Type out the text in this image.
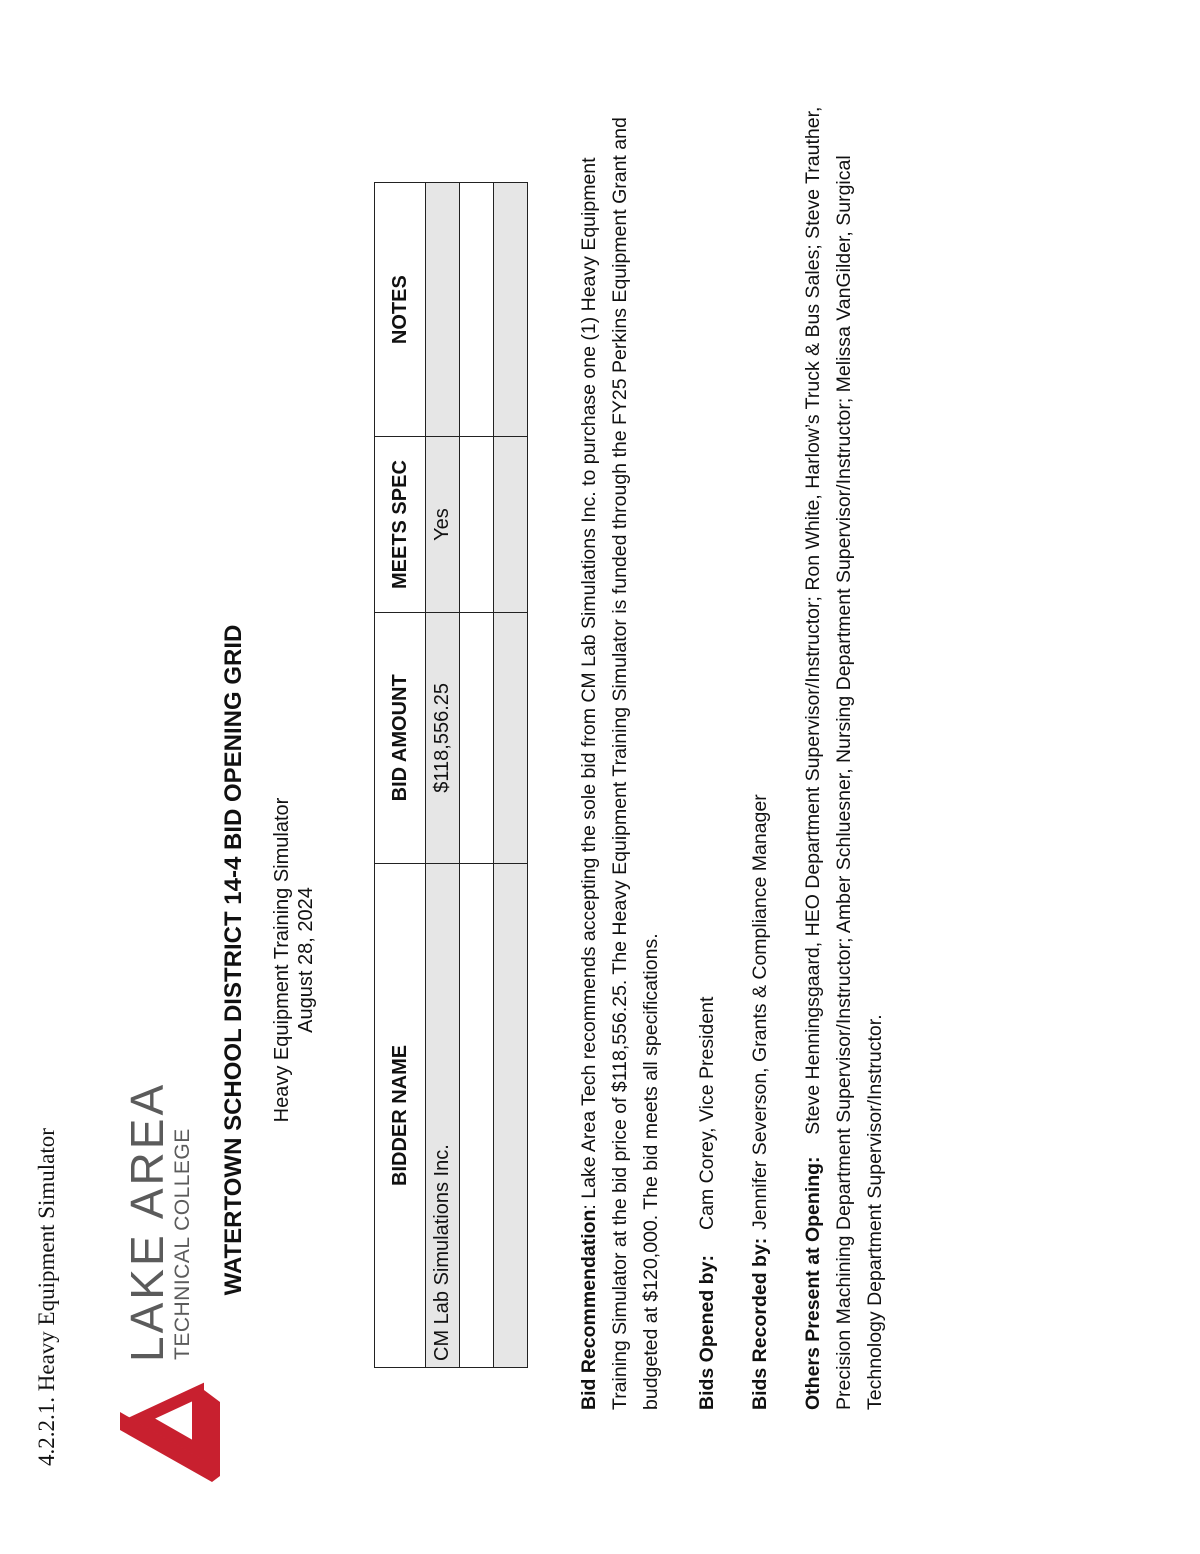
4.2.2.1. Heavy Equipment Simulator LAKE AREA
TECHNICAL COLLEGE WATERTOWN SCHOOL DISTRICT 14-4 BID OPENING GRID Heavy Equipment Training Simulator August 28, 2024
BIDDER NAME	BID AMOUNT	MEETS SPEC	NOTES
CM Lab Simulations Inc.	$118,556.25	Yes	

Bid Recommendation: Lake Area Tech recommends accepting the sole bid from CM Lab Simulations Inc. to purchase one (1) Heavy Equipment Training Simulator at the bid price of $118,556.25. The Heavy Equipment Training Simulator is funded through the FY25 Perkins Equipment Grant and budgeted at $120,000. The bid meets all specifications. Bids Opened by:Cam Corey, Vice President
Bids Recorded by:Jennifer Severson, Grants & Compliance Manager
Others Present at Opening:    Steve Henningsgaard, HEO Department Supervisor/Instructor; Ron White, Harlow’s Truck & Bus Sales; Steve Trauther, Precision Machining Department Supervisor/Instructor; Amber Schluesner, Nursing Department Supervisor/Instructor; Melissa VanGilder, Surgical Technology Department Supervisor/Instructor.
